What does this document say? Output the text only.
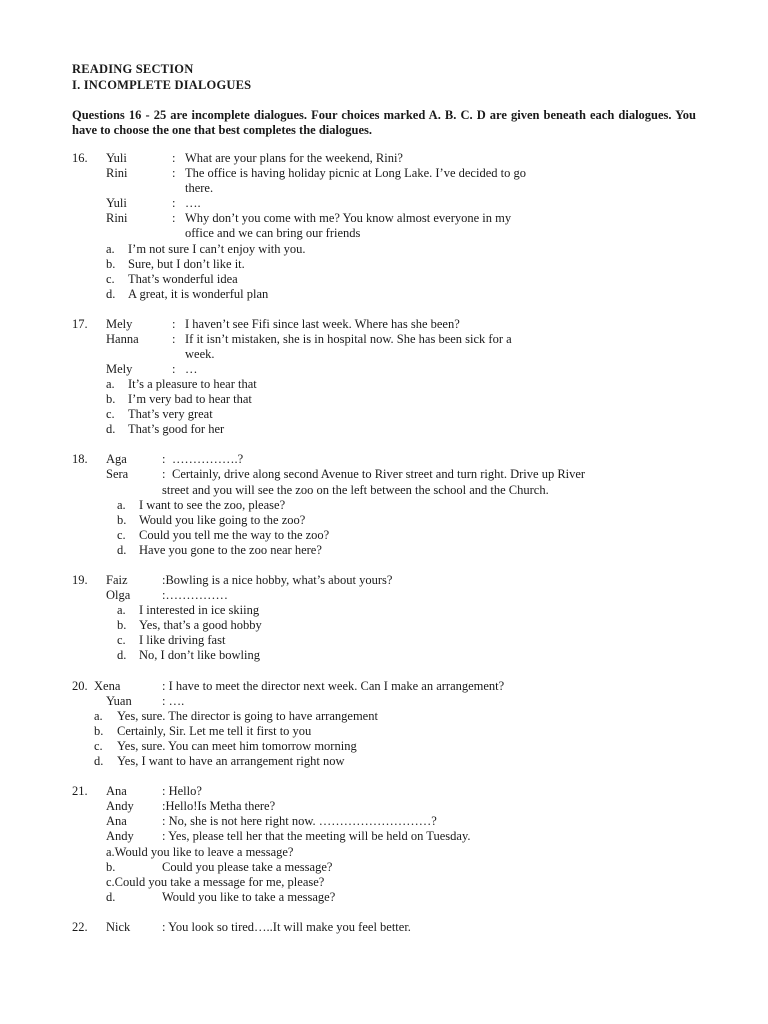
READING SECTION
I. INCOMPLETE DIALOGUES
Questions 16 - 25 are incomplete dialogues. Four choices marked A. B. C. D are given beneath each dialogues. You have to choose the one that best completes the dialogues.
16. Yuli	: What are your plans for the weekend, Rini?
Rini	: The office is having holiday picnic at Long Lake. I’ve decided to go
there.
Yuli	: ….
Rini	: Why don’t you come with me? You know almost everyone in my
office and we can bring our friends
a. I’m not sure I can’t enjoy with you.
b. Sure, but I don’t like it.
c. That’s wonderful idea
d. A great, it is wonderful plan
17. Mely	: I haven’t see Fifi since last week. Where has she been?
Hanna	: If it isn’t mistaken, she is in hospital now. She has been sick for a
week.
Mely	: …
a. It’s a pleasure to hear that
b. I’m very bad to hear that
c. That’s very great
d. That’s good for her
18. Aga	: …………….?
Sera	: Certainly, drive along second Avenue to River street and turn right. Drive up River
street and you will see the zoo on the left between the school and the Church.
a. I want to see the zoo, please?
b. Would you like going to the zoo?
c. Could you tell me the way to the zoo?
d. Have you gone to the zoo near here?
19. Faiz	:Bowling is a nice hobby, what’s about yours?
Olga	:……………
a. I interested in ice skiing
b. Yes, that’s a good hobby
c. I like driving fast
d. No, I don’t like bowling
20. Xena	: I have to meet the director next week. Can I make an arrangement?
Yuan : ….
a. Yes, sure. The director is going to have arrangement
b. Certainly, Sir. Let me tell it first to you
c. Yes, sure. You can meet him tomorrow morning
d. Yes, I want to have an arrangement right now
21. Ana	: Hello?
Andy :Hello!Is Metha there?
Ana	: No, she is not here right now. ………………………?
Andy : Yes, please tell her that the meeting will be held on Tuesday.
a.Would you like to leave a message?
b.	Could you please take a message?
c.Could you take a message for me, please?
d.	Would you like to take a message?
22. Nick	: You look so tired…..It will make you feel better.
